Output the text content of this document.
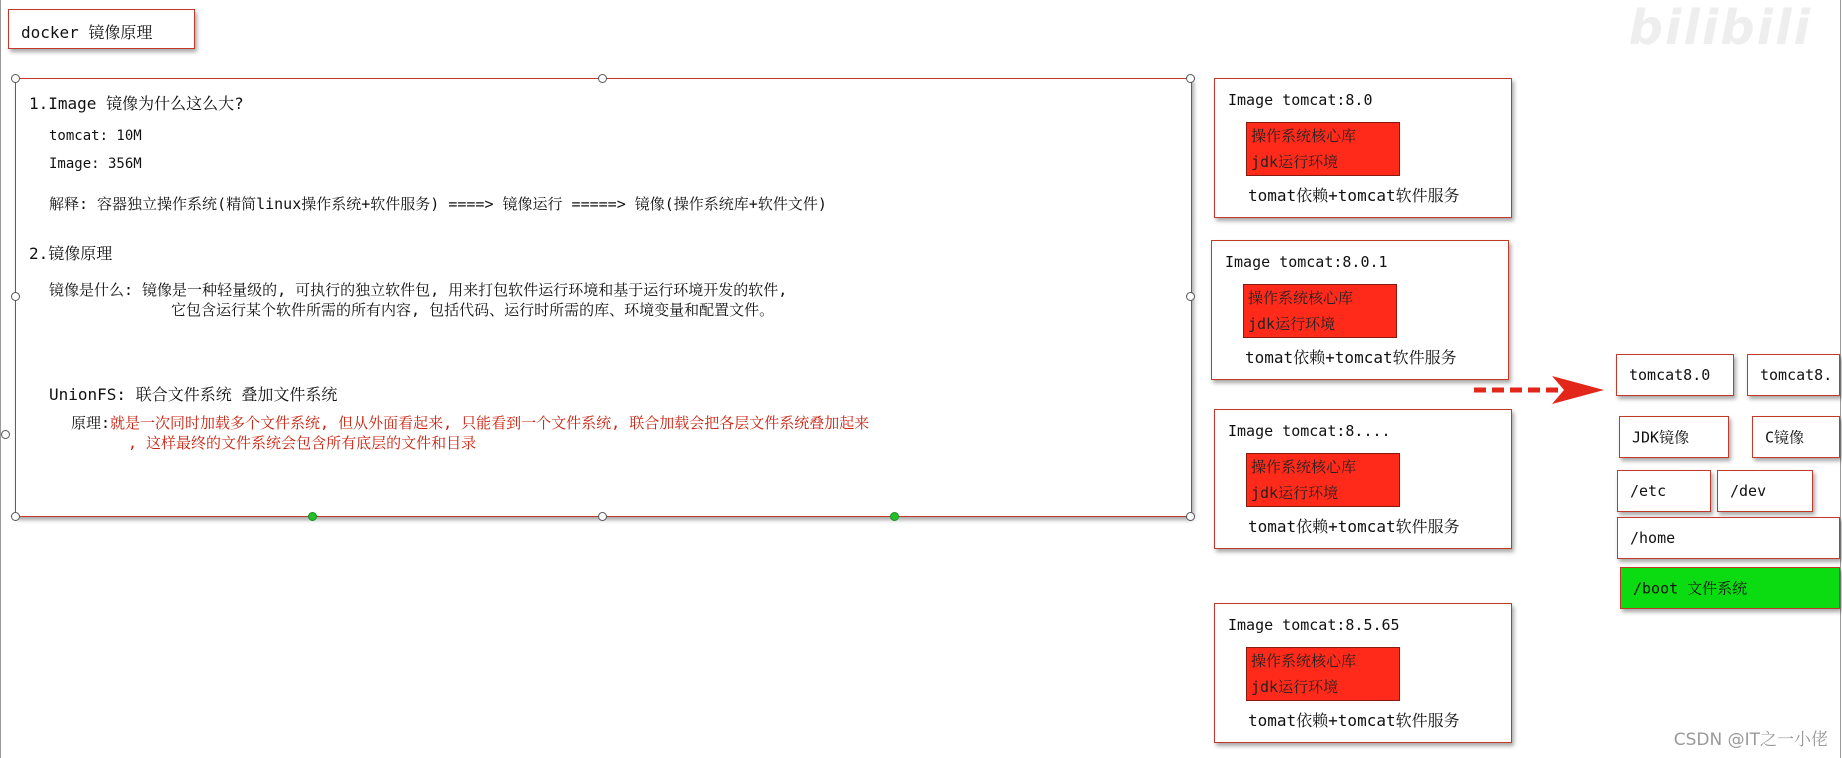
bilibili
docker 镜像原理
1.Image 镜像为什么这么大?
tomcat: 10M
Image: 356M
解释: 容器独立操作系统(精简linux操作系统+软件服务) ====> 镜像运行 =====> 镜像(操作系统库+软件文件)
2.镜像原理
镜像是什么: 镜像是一种轻量级的, 可执行的独立软件包, 用来打包软件运行环境和基于运行环境开发的软件,
它包含运行某个软件所需的所有内容, 包括代码、运行时所需的库、环境变量和配置文件。
UnionFS: 联合文件系统 叠加文件系统
原理:就是一次同时加载多个文件系统, 但从外面看起来, 只能看到一个文件系统, 联合加载会把各层文件系统叠加起来
, 这样最终的文件系统会包含所有底层的文件和目录
Image tomcat:8.0
操作系统核心库
jdk运行环境
tomat依赖+tomcat软件服务
Image tomcat:8.0.1
操作系统核心库
jdk运行环境
tomat依赖+tomcat软件服务
Image tomcat:8....
操作系统核心库
jdk运行环境
tomat依赖+tomcat软件服务
Image tomcat:8.5.65
操作系统核心库
jdk运行环境
tomat依赖+tomcat软件服务
tomcat8.0	tomcat8.
JDK镜像	C镜像
/etc	/dev
/home
/boot 文件系统
CSDN @IT之一小佬
